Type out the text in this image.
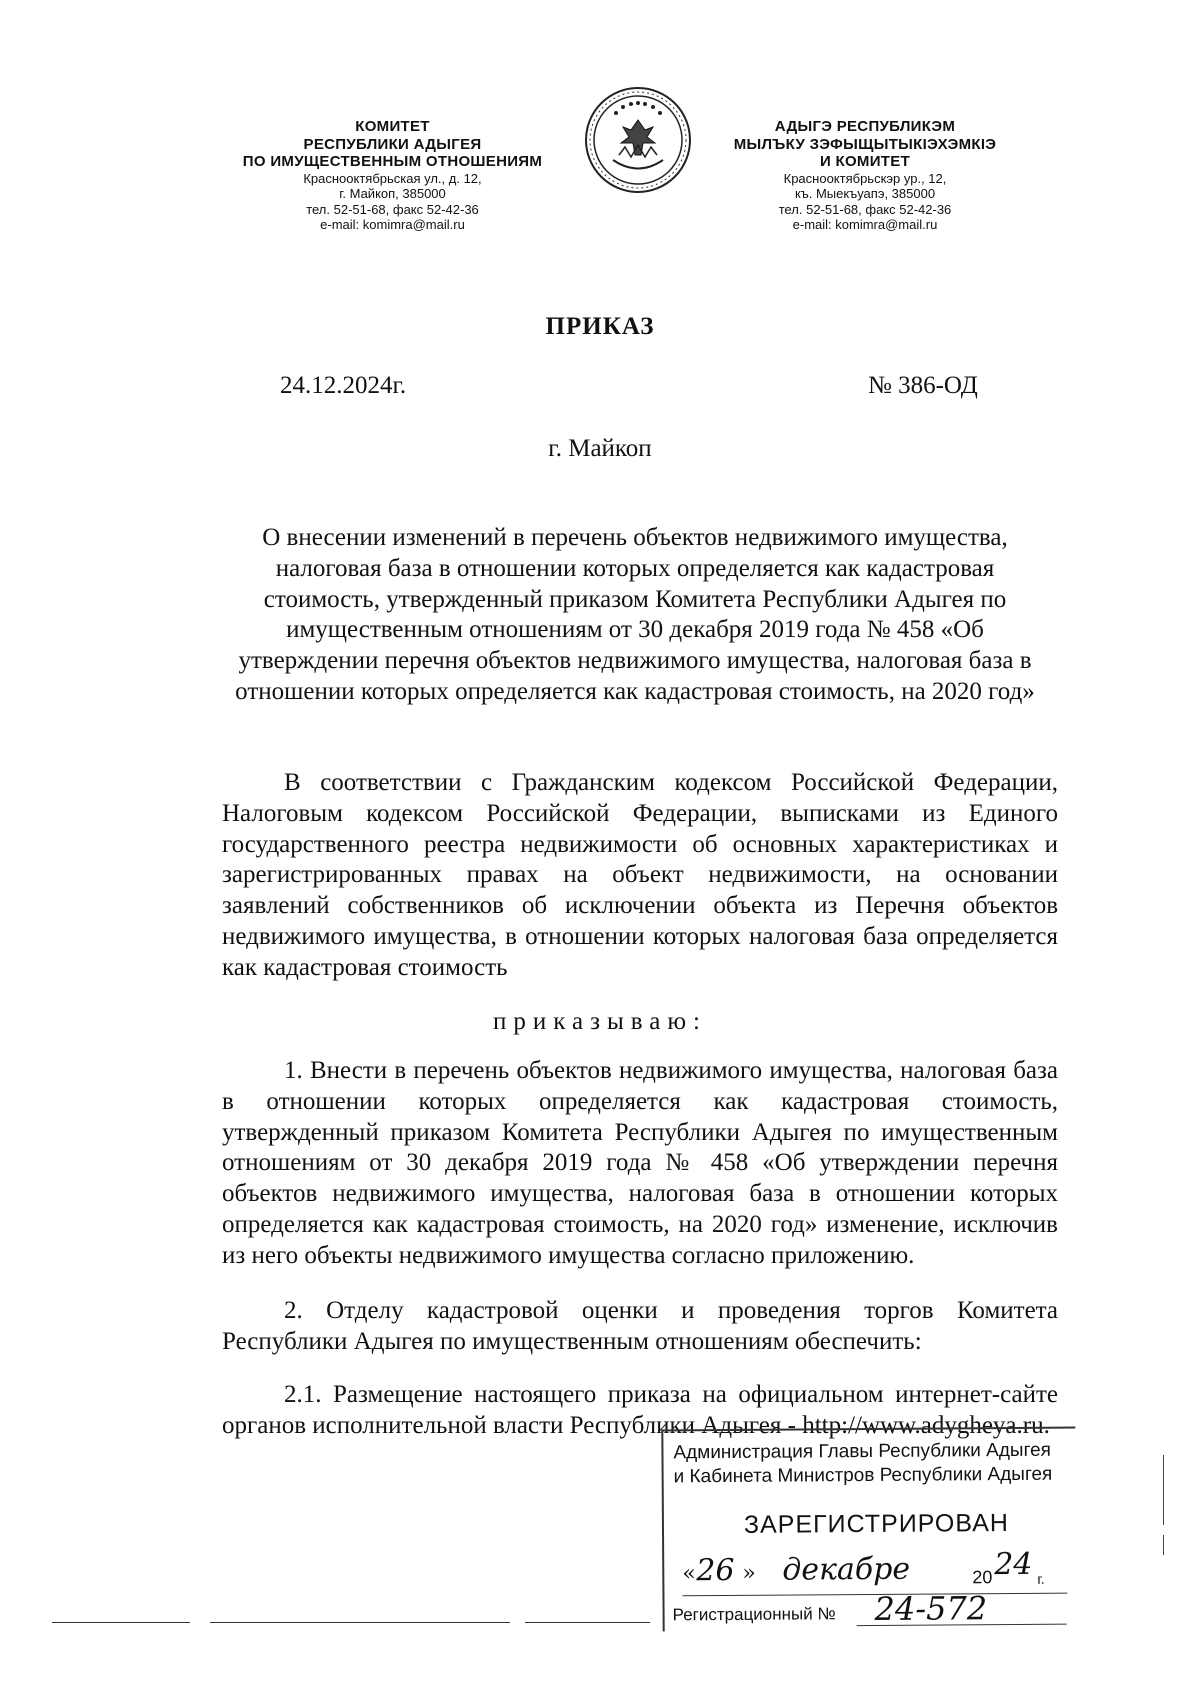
КОМИТЕТ
РЕСПУБЛИКИ АДЫГЕЯ
ПО ИМУЩЕСТВЕННЫМ ОТНОШЕНИЯМ
Краснооктябрьская ул., д. 12,
г. Майкоп, 385000
тел. 52-51-68, факс 52-42-36
e-mail: komimra@mail.ru
АДЫГЭ РЕСПУБЛИКЭМ
МЫЛЪКУ ЗЭФЫЩЫТЫКIЭХЭМКIЭ
И КОМИТЕТ
Краснооктябрьскэр ур., 12,
къ. Мыекъуапэ, 385000
тел. 52-51-68, факс 52-42-36
e-mail: komimra@mail.ru
ПРИКАЗ
24.12.2024г.	№ 386-ОД
г. Майкоп
О внесении изменений в перечень объектов недвижимого имущества,
налоговая база в отношении которых определяется как кадастровая
стоимость, утвержденный приказом Комитета Республики Адыгея по
имущественным отношениям от 30 декабря 2019 года № 458 «Об
утверждении перечня объектов недвижимого имущества, налоговая база в
отношении которых определяется как кадастровая стоимость, на 2020 год»
В соответствии с Гражданским кодексом Российской Федерации, Налоговым кодексом Российской Федерации, выписками из Единого государственного реестра недвижимости об основных характеристиках и зарегистрированных правах на объект недвижимости, на основании заявлений собственников об исключении объекта из Перечня объектов недвижимого имущества, в отношении которых налоговая база определяется как кадастровая стоимость
приказываю:
1. Внести в перечень объектов недвижимого имущества, налоговая база в отношении которых определяется как кадастровая стоимость, утвержденный приказом Комитета Республики Адыгея по имущественным отношениям от 30 декабря 2019 года № 458 «Об утверждении перечня объектов недвижимого имущества, налоговая база в отношении которых определяется как кадастровая стоимость, на 2020 год» изменение, исключив из него объекты недвижимого имущества согласно приложению.
2. Отделу кадастровой оценки и проведения торгов Комитета Республики Адыгея по имущественным отношениям обеспечить:
2.1. Размещение настоящего приказа на официальном интернет-сайте органов исполнительной власти Республики Адыгея - http://www.adygheya.ru.
Администрация Главы Республики Адыгея
и Кабинета Министров Республики Адыгея
ЗАРЕГИСТРИРОВАН
« 26 » декабре	20 24 г.
Регистрационный № 24-572
